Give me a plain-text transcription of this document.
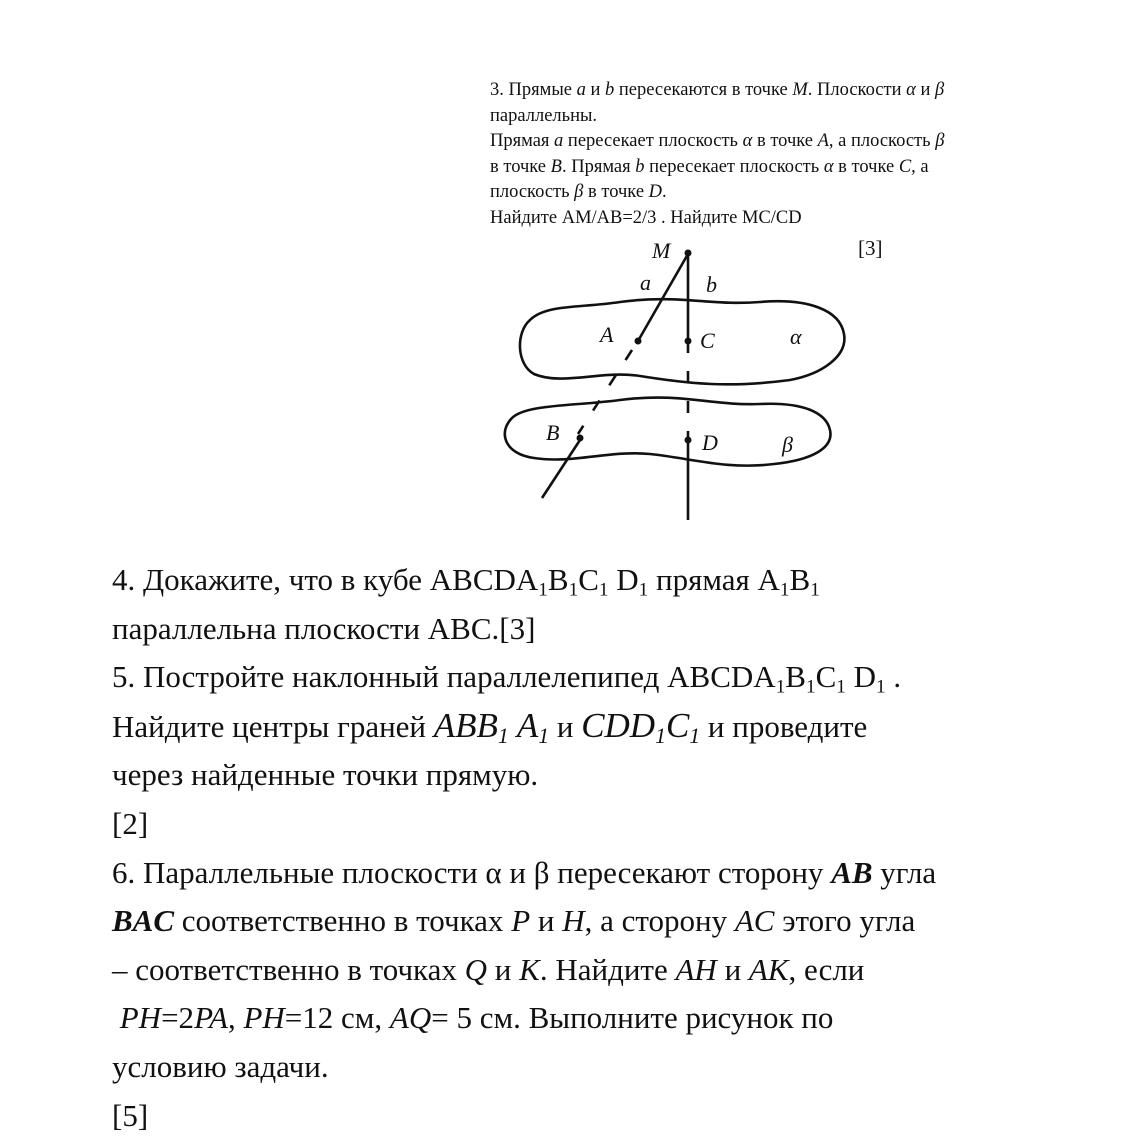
3. Прямые a и b пересекаются в точке M. Плоскости α и β

параллельны.

Прямая a пересекает плоскость α в точке A, а плоскость β

в точке B. Прямая b пересекает плоскость α в точке C, а

плоскость β в точке D.

Найдите AM/AB=2/3 . Найдите MC/CD

[3]
M
a	b
A	C	α
B	D	β

4. Докажите, что в кубе $ABCDA_1B_1C_1$ $D_1$ прямая $A_1B_1$

параллельна плоскости ABC.[3]

5. Постройте наклонный параллелепипед $ABCDA_1B_1C_1$ $D_1$ .

Найдите центры граней $ABB_1$ $A_1$ и $CDD_1C_1$ и проведите

через найденные точки прямую.

[2]

6. Параллельные плоскости α и β пересекают сторону AB угла

BAC соответственно в точках P и H, а сторону AC этого угла

– соответственно в точках Q и K. Найдите AH и AK, если

PH=2PA, PH=12 см, AQ= 5 см. Выполните рисунок по

условию задачи.

[5]
